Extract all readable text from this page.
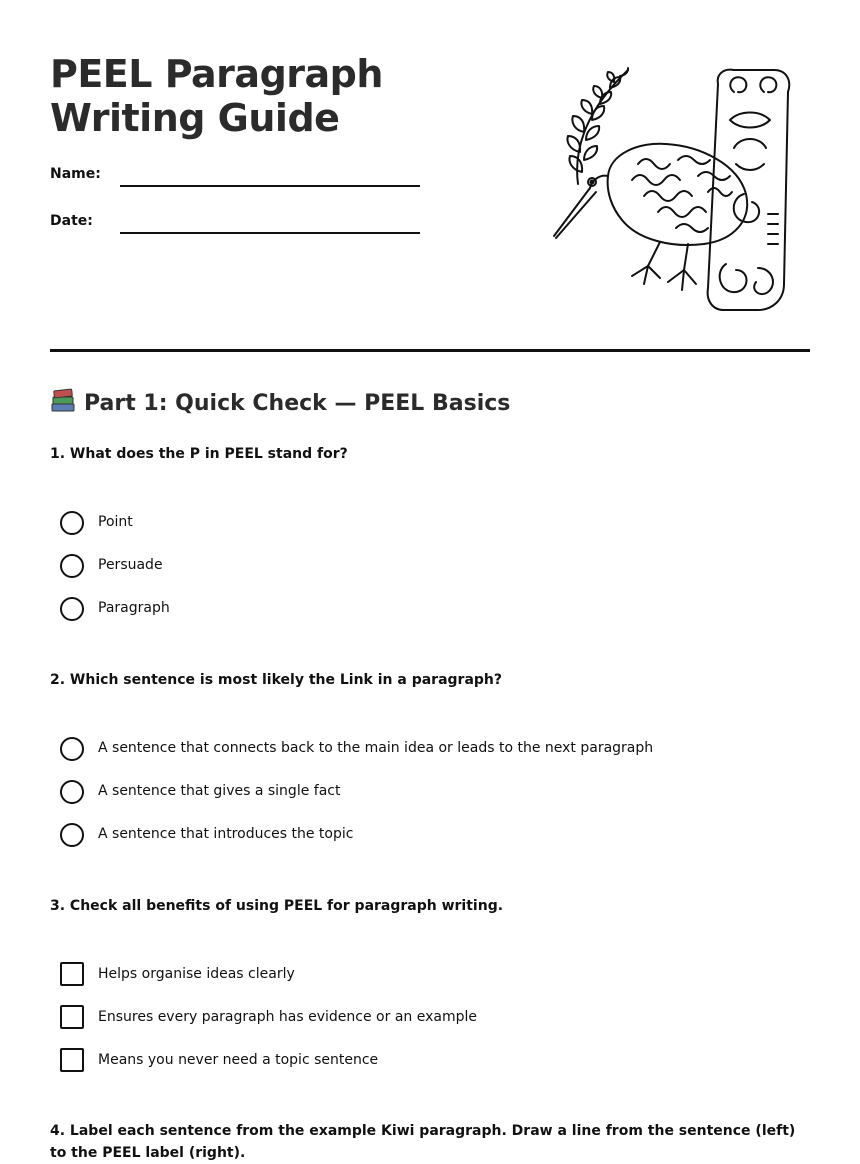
PEEL Paragraph Writing Guide
Name:
Date:
Part 1: Quick Check — PEEL Basics

1. What does the P in PEEL stand for?

Point
Persuade
Paragraph

2. Which sentence is most likely the Link in a paragraph?

A sentence that connects back to the main idea or leads to the next paragraph
A sentence that gives a single fact
A sentence that introduces the topic

3. Check all benefits of using PEEL for paragraph writing.

Helps organise ideas clearly
Ensures every paragraph has evidence or an example
Means you never need a topic sentence

4. Label each sentence from the example Kiwi paragraph. Draw a line from the sentence (left) to the PEEL label (right).
